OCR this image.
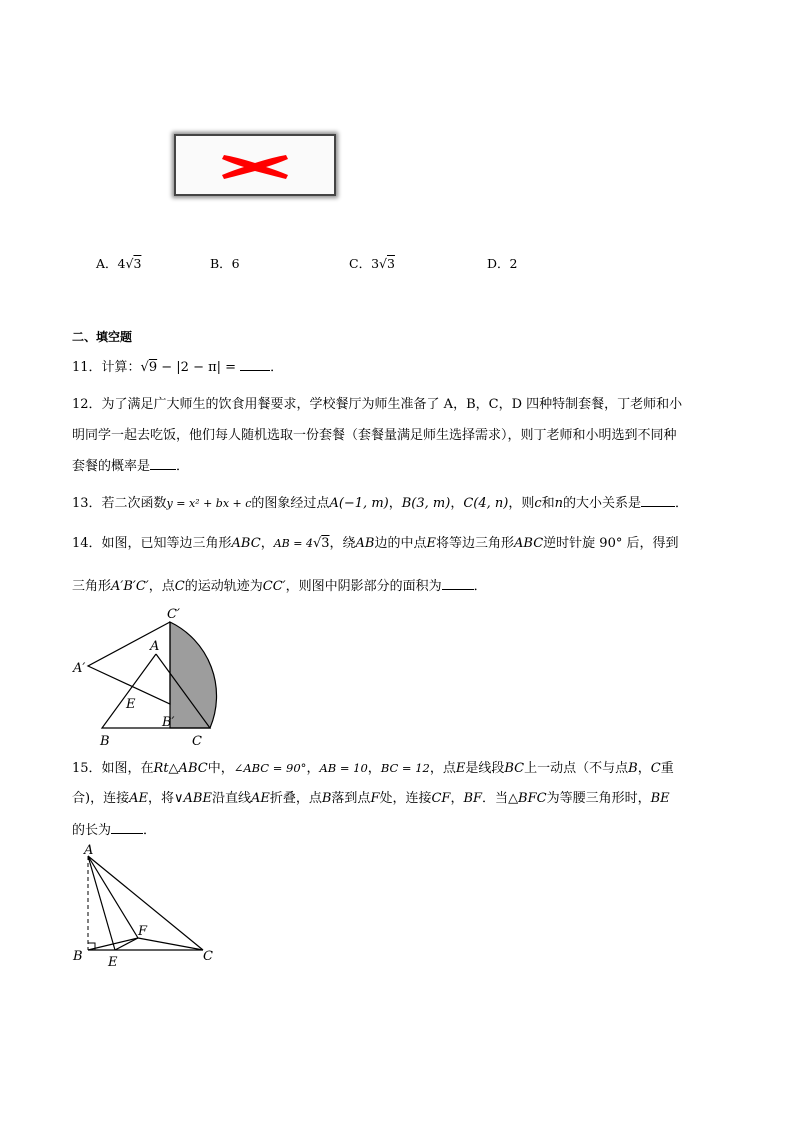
A．4√3	B．6	C．3√3	D．2
二、填空题
11．计算：√9 − |2 − π| = ．
12．为了满足广大师生的饮食用餐要求，学校餐厅为师生准备了 A，B，C，D 四种特制套餐，丁老师和小
明同学一起去吃饭，他们每人随机选取一份套餐（套餐量满足师生选择需求），则丁老师和小明选到不同种
套餐的概率是 ．
13．若二次函数y = x² + bx + c的图象经过点A(−1, m)，B(3, m)，C(4, n)，则c和n的大小关系是	．
14．如图，已知等边三角形ABC，AB = 4√3，绕AB边的中点E将等边三角形ABC逆时针旋 90° 后，得到
三角形A′B′C′，点C的运动轨迹为CC′，则图中阴影部分的面积为 ．
C′
A′
A
E
B′
B	C
15．如图，在Rt△ABC中，∠ABC = 90°，AB = 10，BC = 12，点E是线段BC上一动点（不与点B，C重
合)，连接AE，将∨ABE沿直线AE折叠，点B落到点F处，连接CF，BF．当△BFC为等腰三角形时，BE
的长为 ．
A
B E
F
C
